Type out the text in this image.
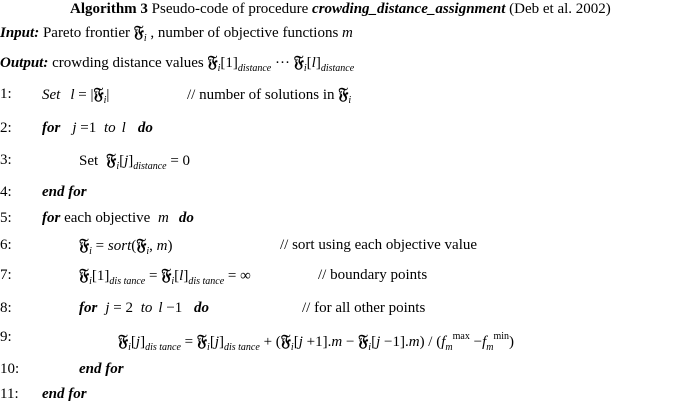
Algorithm 3 Pseudo-code of procedure crowding_distance_assignment (Deb et al. 2002)
Input: Pareto frontier 𝔉$_i$ , number of objective functions m
Output: crowding distance values $𝔉_i[1]_{distance}$ ··· $𝔉_i[l]_{distance}$
1: Set l = |𝔉$_i$|	// number of solutions in 𝔉$_i$
2: for j =1 to l do
3:	Set $𝔉_i[j]_{distance} = 0$
4: end for
5: for each objective m do
6:	𝔉$_i$ = sort(𝔉$_i$, m)	// sort using each objective value
7:	$𝔉_i[1]_{dis tance}$ = $𝔉_i[l]_{dis tance}$ = ∞	// boundary points
8:	for j = 2 to l −1 do	// for all other points
9:	$𝔉_i[j]_{dis tance}$ = $𝔉_i[j]_{dis tance}$ + (𝔉$_i$[j +1].m − 𝔉$_i$[j $-1].m) / (f_m^{max} -f_m^{min})$
10:	end for
11: end for
